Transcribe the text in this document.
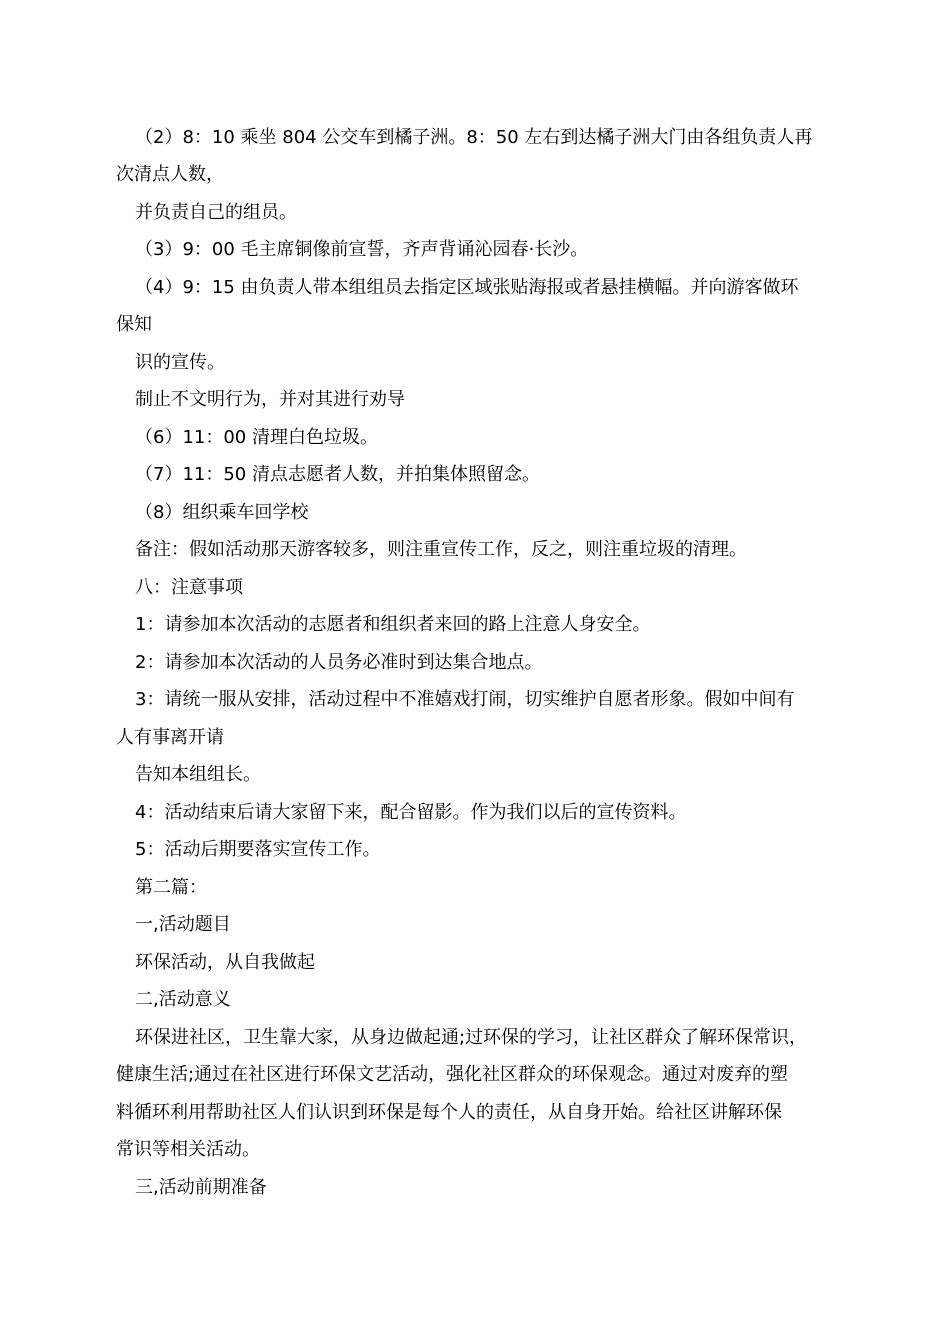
（2）8：10 乘坐 804 公交车到橘子洲。8：50 左右到达橘子洲大门由各组负责人再
次清点人数，
并负责自己的组员。
（3）9：00 毛主席铜像前宣誓，齐声背诵沁园春·长沙。
（4）9：15 由负责人带本组组员去指定区域张贴海报或者悬挂横幅。并向游客做环
保知
识的宣传。
制止不文明行为，并对其进行劝导
（6）11：00 清理白色垃圾。
（7）11：50 清点志愿者人数，并拍集体照留念。
（8）组织乘车回学校
备注：假如活动那天游客较多，则注重宣传工作，反之，则注重垃圾的清理。
八：注意事项
1：请参加本次活动的志愿者和组织者来回的路上注意人身安全。
2：请参加本次活动的人员务必准时到达集合地点。
3：请统一服从安排，活动过程中不准嬉戏打闹，切实维护自愿者形象。假如中间有
人有事离开请
告知本组组长。
4：活动结束后请大家留下来，配合留影。作为我们以后的宣传资料。
5：活动后期要落实宣传工作。
第二篇：
一,活动题目
环保活动，从自我做起
二,活动意义
环保进社区，卫生靠大家，从身边做起通;过环保的学习，让社区群众了解环保常识，
健康生活;通过在社区进行环保文艺活动，强化社区群众的环保观念。通过对废弃的塑
料循环利用帮助社区人们认识到环保是每个人的责任，从自身开始。给社区讲解环保
常识等相关活动。
三,活动前期准备
